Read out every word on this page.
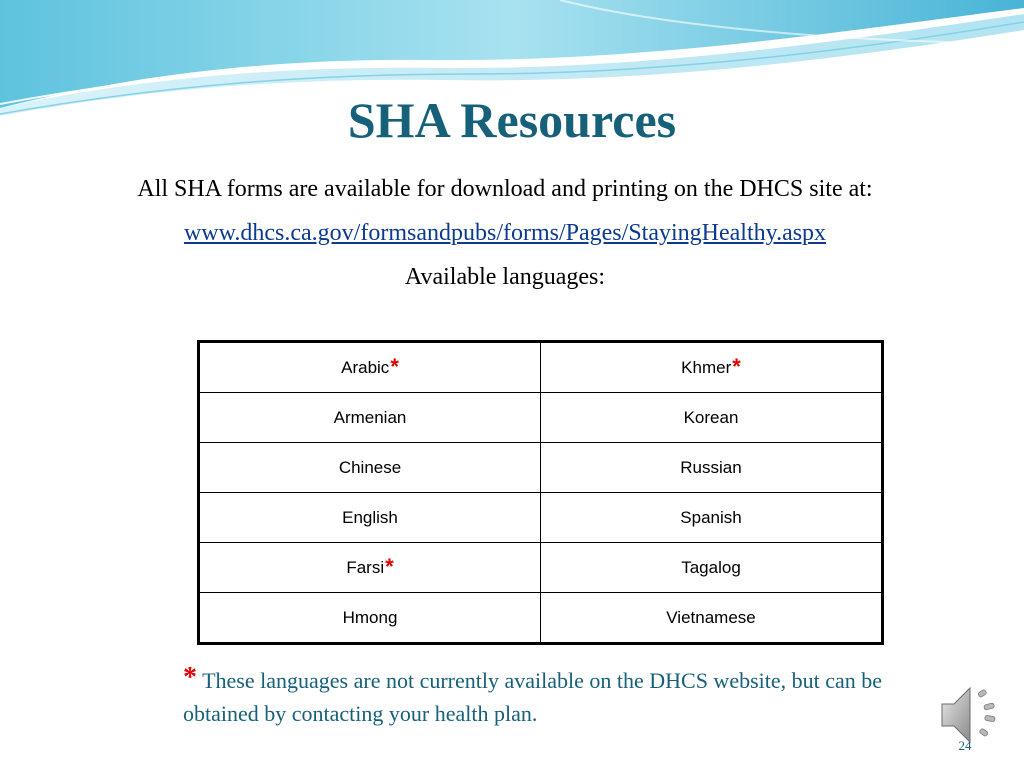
SHA Resources
All SHA forms are available for download and printing on the DHCS site at:
www.dhcs.ca.gov/formsandpubs/forms/Pages/StayingHealthy.aspx
Available languages:
Arabic*	Khmer*
Armenian	Korean
Chinese	Russian
English	Spanish
Farsi*	Tagalog
Hmong	Vietnamese
* These languages are not currently available on the DHCS website, but can be obtained by contacting your health plan.
24
